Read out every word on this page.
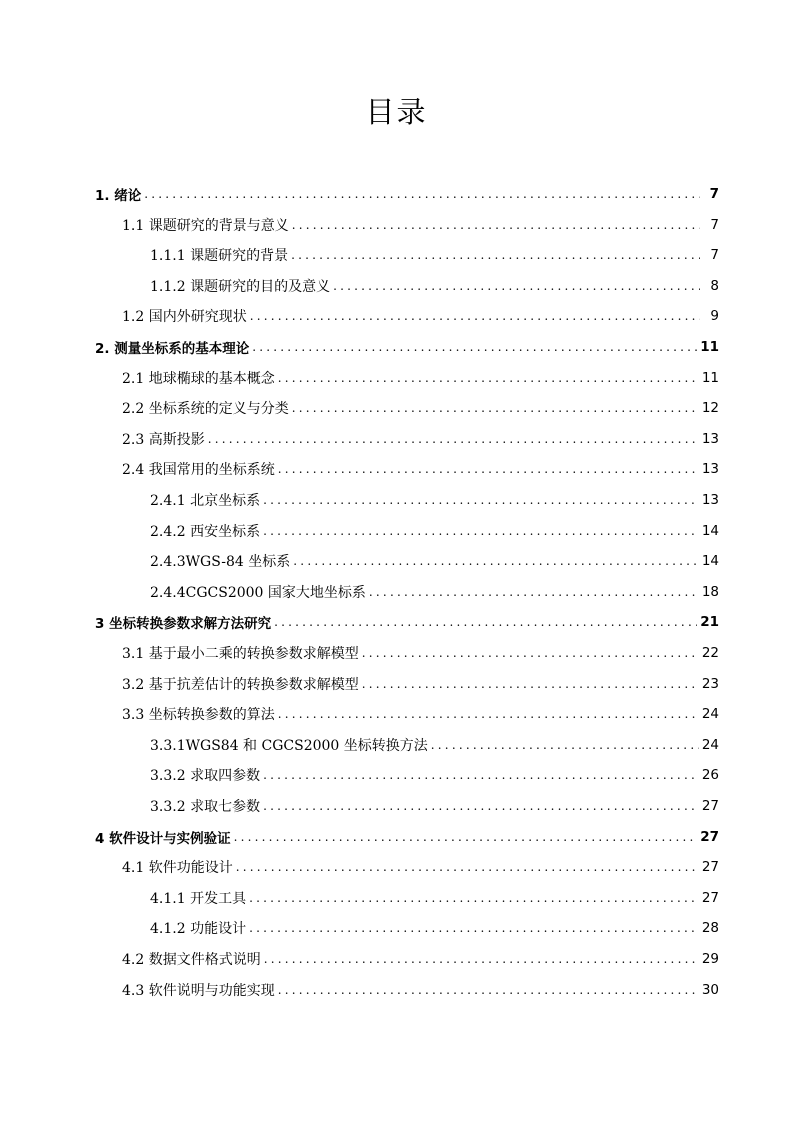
目录
1. 绪论 .....	7
1.1 课题研究的背景与意义 .....	7
1.1.1 课题研究的背景 .....	7
1.1.2 课题研究的目的及意义 .....	8
1.2 国内外研究现状 .....	9
2. 测量坐标系的基本理论 .....	11
2.1 地球椭球的基本概念 .....	11
2.2 坐标系统的定义与分类 .....	12
2.3 高斯投影 .....	13
2.4 我国常用的坐标系统 .....	13
2.4.1 北京坐标系 .....	13
2.4.2 西安坐标系 .....	14
2.4.3WGS-84 坐标系 .....	14
2.4.4CGCS2000 国家大地坐标系 .....	18
3 坐标转换参数求解方法研究 .....	21
3.1 基于最小二乘的转换参数求解模型 .....	22
3.2 基于抗差估计的转换参数求解模型 .....	23
3.3 坐标转换参数的算法 .....	24
3.3.1WGS84 和 CGCS2000 坐标转换方法 .....	24
3.3.2 求取四参数 .....	26
3.3.2 求取七参数 .....	27
4 软件设计与实例验证 .....	27
4.1 软件功能设计 .....	27
4.1.1 开发工具 .....	27
4.1.2 功能设计 .....	28
4.2 数据文件格式说明 .....	29
4.3 软件说明与功能实现 .....	30
